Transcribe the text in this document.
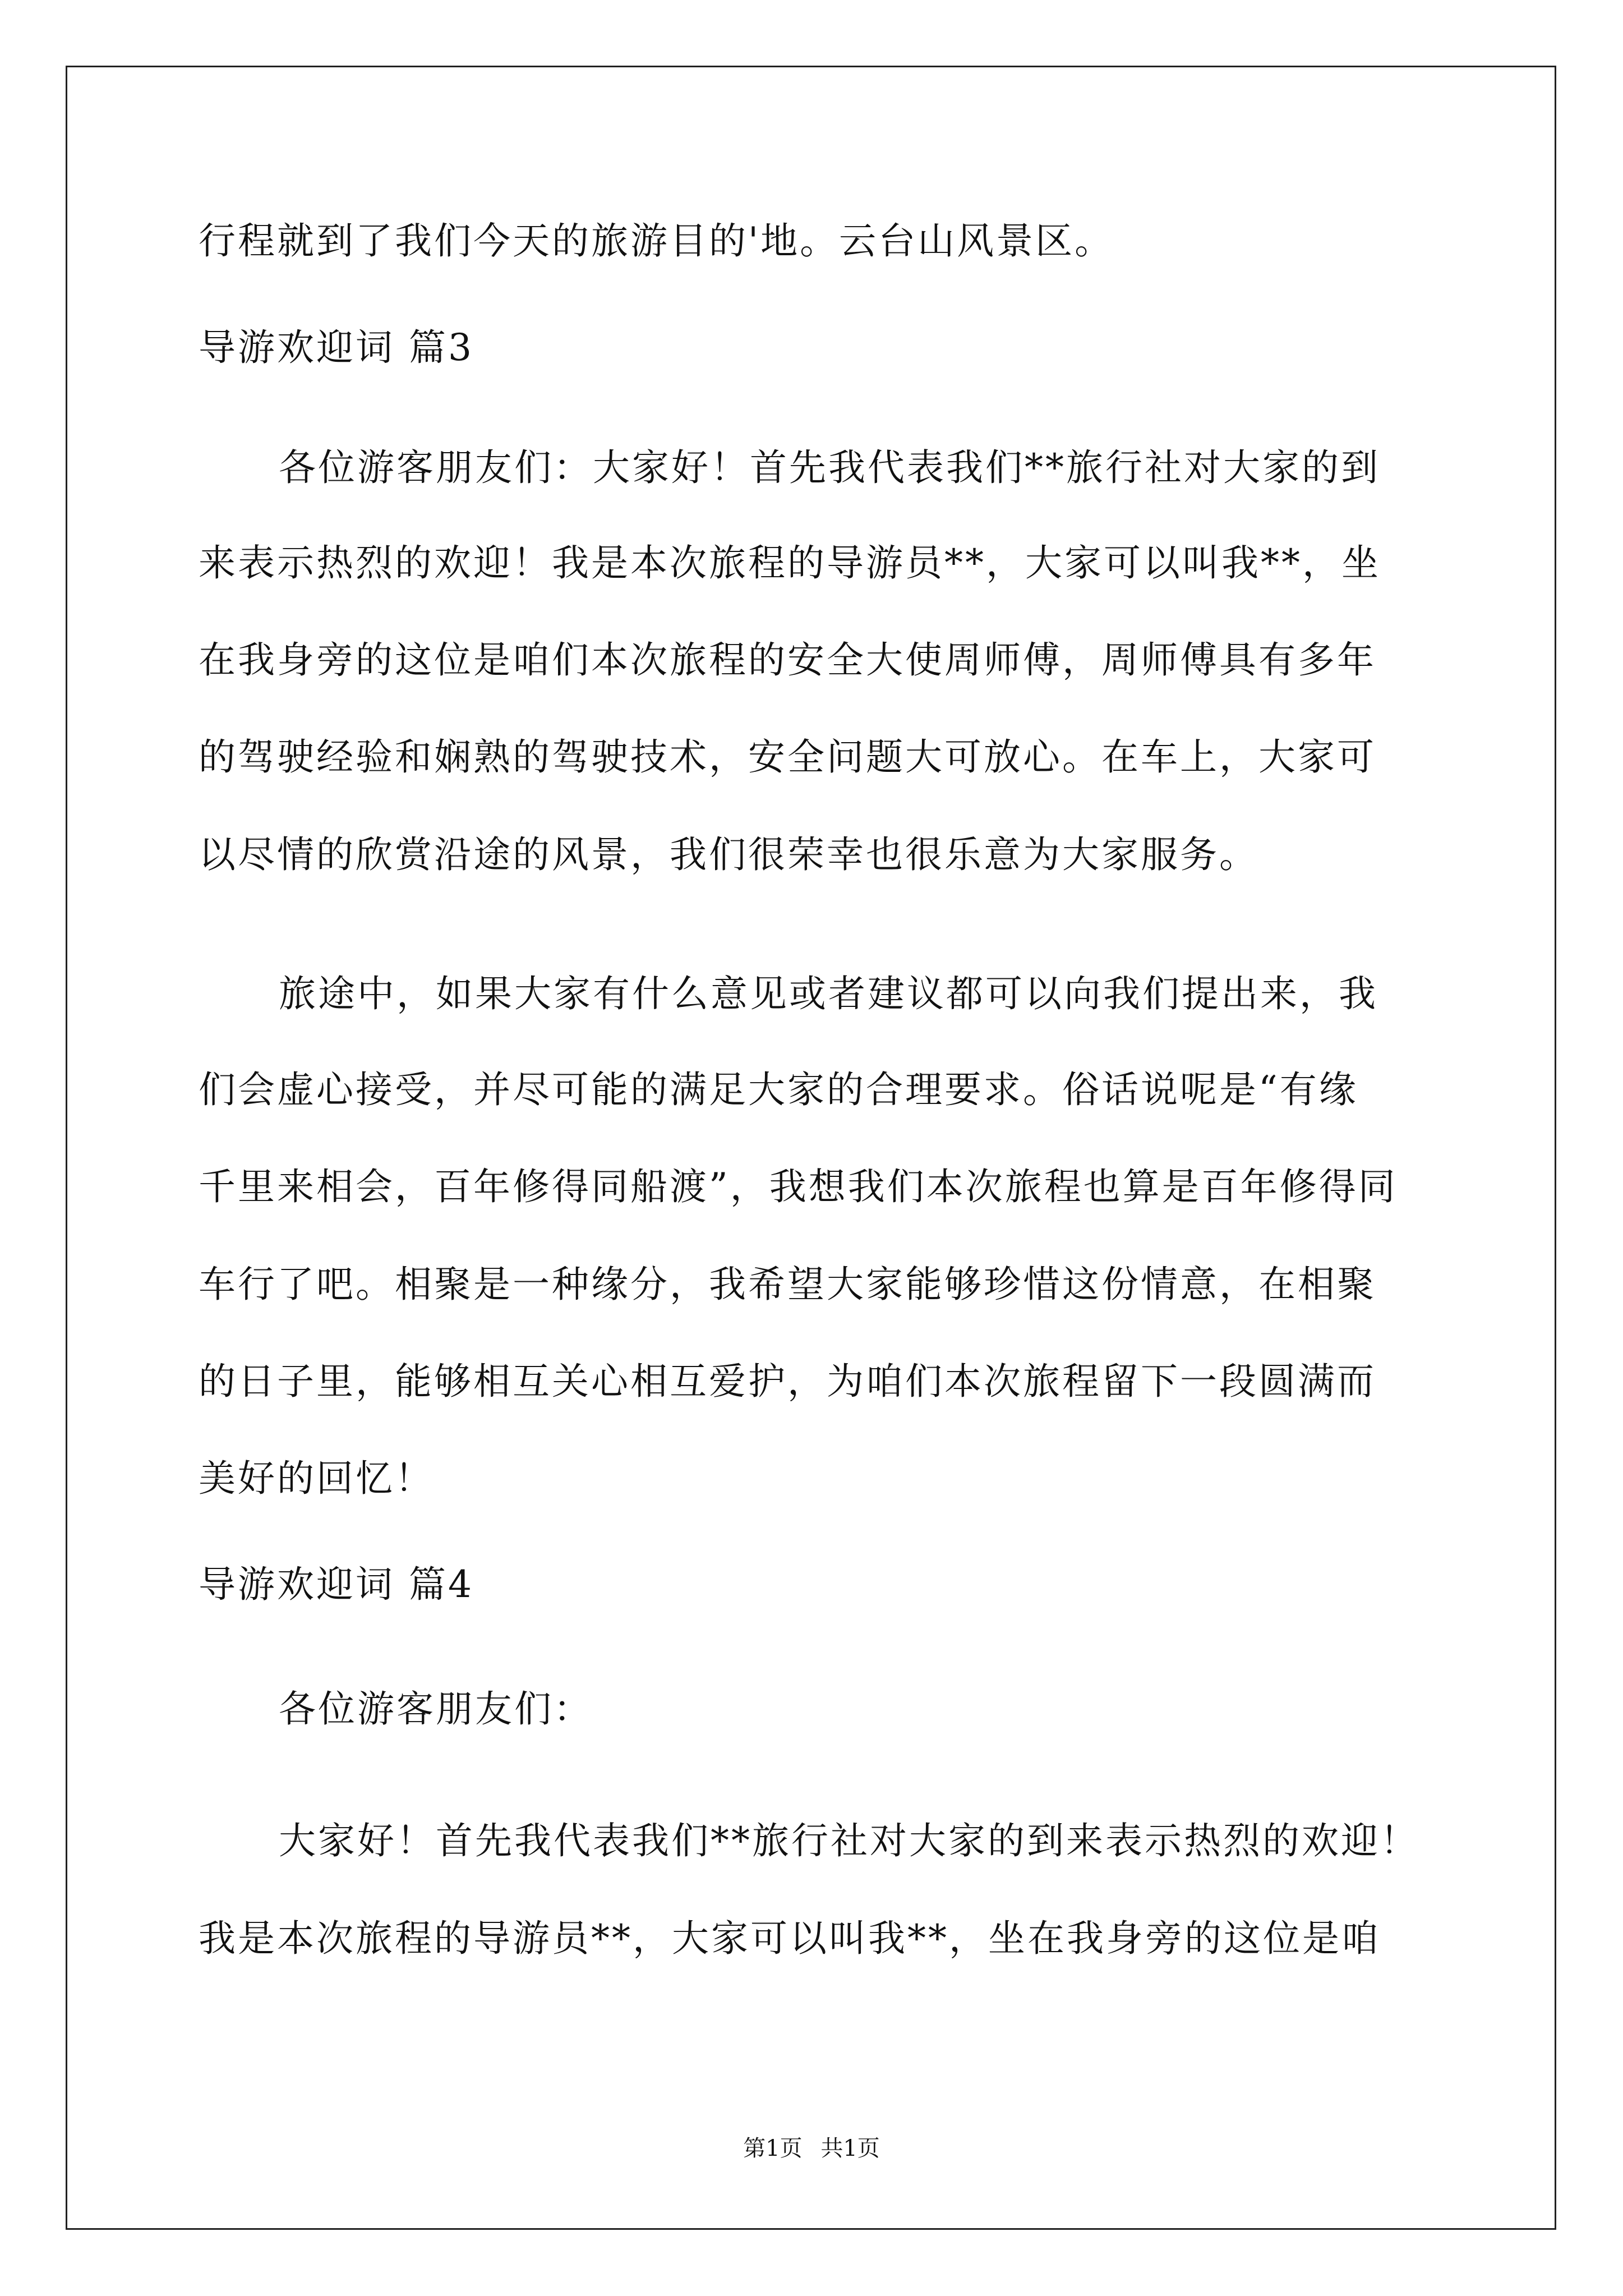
行程就到了我们今天的旅游目的'地。云台山风景区。
导游欢迎词 篇3
各位游客朋友们：大家好！首先我代表我们**旅行社对大家的到
来表示热烈的欢迎！我是本次旅程的导游员**，大家可以叫我**，坐
在我身旁的这位是咱们本次旅程的安全大使周师傅，周师傅具有多年
的驾驶经验和娴熟的驾驶技术，安全问题大可放心。在车上，大家可
以尽情的欣赏沿途的风景，我们很荣幸也很乐意为大家服务。
旅途中，如果大家有什么意见或者建议都可以向我们提出来，我
们会虚心接受，并尽可能的满足大家的合理要求。俗话说呢是“有缘
千里来相会，百年修得同船渡”，我想我们本次旅程也算是百年修得同
车行了吧。相聚是一种缘分，我希望大家能够珍惜这份情意，在相聚
的日子里，能够相互关心相互爱护，为咱们本次旅程留下一段圆满而
美好的回忆！
导游欢迎词 篇4
各位游客朋友们：
大家好！首先我代表我们**旅行社对大家的到来表示热烈的欢迎！
我是本次旅程的导游员**，大家可以叫我**，坐在我身旁的这位是咱
第1页 共1页
